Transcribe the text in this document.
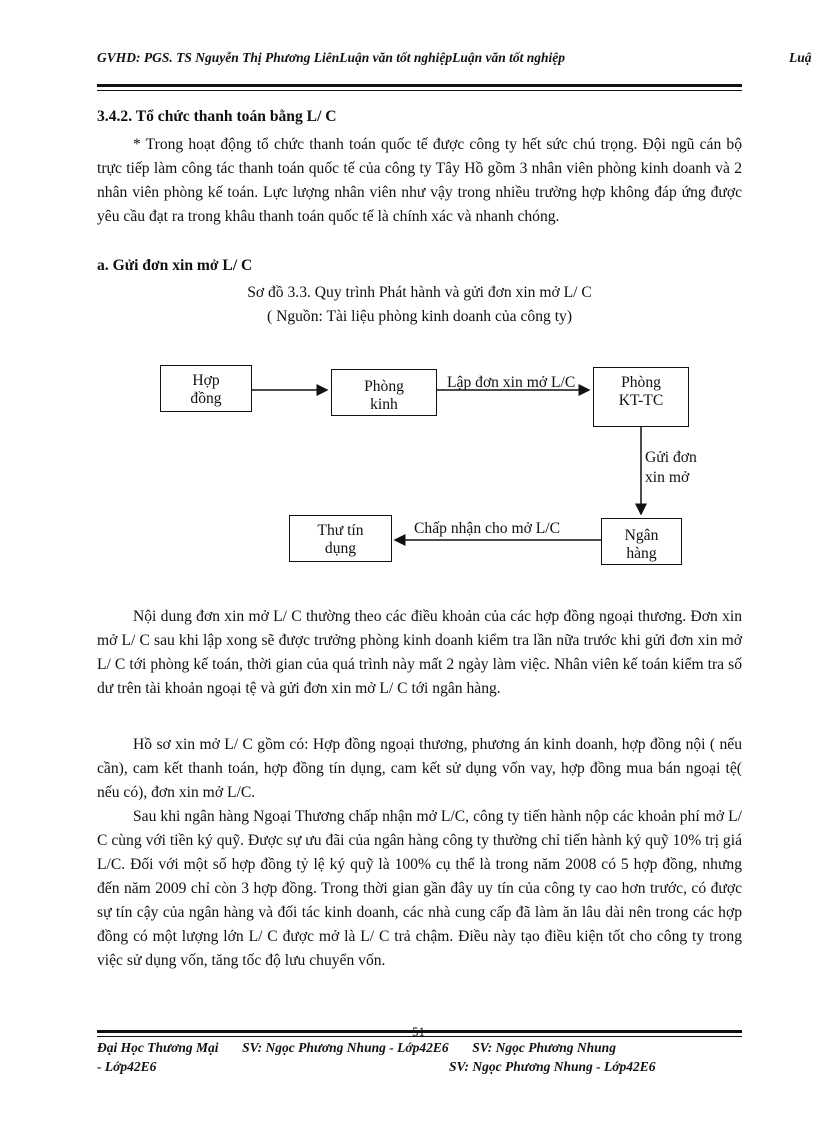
GVHD: PGS. TS Nguyễn Thị Phương LiênLuận văn tốt nghiệpLuận văn tốt nghiệp	Luậ
3.4.2. Tổ chức thanh toán bằng L/ C
* Trong hoạt động tổ chức thanh toán quốc tế được công ty hết sức chú trọng. Đội ngũ cán bộ trực tiếp làm công tác thanh toán quốc tế của công ty Tây Hồ gồm 3 nhân viên phòng kinh doanh và 2 nhân viên phòng kế toán. Lực lượng nhân viên như vậy trong nhiều trường hợp không đáp ứng được yêu cầu đạt ra trong khâu thanh toán quốc tế là chính xác và nhanh chóng.
a. Gửi đơn xin mở L/ C
Sơ đồ 3.3. Quy trình Phát hành và gửi đơn xin mở L/ C
( Nguồn: Tài liệu phòng kinh doanh của công ty)
Hợp đồng
Phòng kinh
Phòng KT-TC
Ngân hàng
Thư tín dụng
Lập đơn xin mở L/C
Gửi đơn xin mở
Chấp nhận cho mở L/C
Nội dung đơn xin mở L/ C thường theo các điều khoản của các hợp đồng ngoại thương. Đơn xin mở L/ C sau khi lập xong sẽ được trưởng phòng kinh doanh kiểm tra lần nữa trước khi gửi đơn xin mở L/ C tới phòng kế toán, thời gian của quá trình này mất 2 ngày làm việc. Nhân viên kế toán kiểm tra số dư trên tài khoản ngoại tệ và gửi đơn xin mở L/ C tới ngân hàng.
Hồ sơ xin mở L/ C gồm có: Hợp đồng ngoại thương, phương án kinh doanh, hợp đồng nội ( nếu cần), cam kết thanh toán, hợp đồng tín dụng, cam kết sử dụng vốn vay, hợp đồng mua bán ngoại tệ( nếu có), đơn xin mở L/C.
Sau khi ngân hàng Ngoại Thương chấp nhận mở L/C, công ty tiến hành nộp các khoản phí mở L/ C cùng với tiền ký quỹ. Được sự ưu đãi của ngân hàng công ty thường chỉ tiến hành ký quỹ 10% trị giá L/C. Đối với một số hợp đồng tỷ lệ ký quỹ là 100% cụ thể là trong năm 2008 có 5 hợp đồng, nhưng đến năm 2009 chỉ còn 3 hợp đồng. Trong thời gian gần đây uy tín của công ty cao hơn trước, có được sự tín cậy của ngân hàng và đối tác kinh doanh, các nhà cung cấp đã làm ăn lâu dài nên trong các hợp đồng có một lượng lớn L/ C được mở là L/ C trả chậm. Điều này tạo điều kiện tốt cho công ty trong việc sử dụng vốn, tăng tốc độ lưu chuyển vốn.
Đại Học Thương Mại       SV: Ngọc Phương Nhung - Lớp42E6       SV: Ngọc Phương Nhung
- Lớp42E6	SV: Ngọc Phương Nhung - Lớp42E6
